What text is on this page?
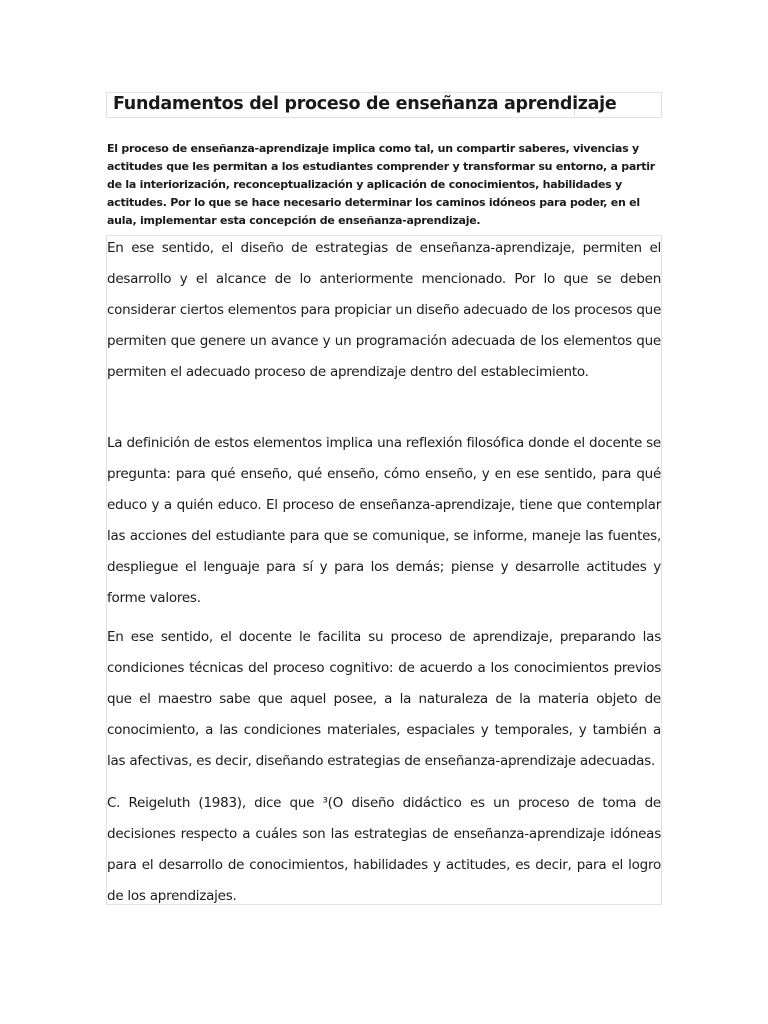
Fundamentos del proceso de enseñanza aprendizaje

El proceso de enseñanza-aprendizaje implica como tal, un compartir saberes, vivencias y actitudes que les permitan a los estudiantes comprender y transformar su entorno, a partir de la interiorización, reconceptualización y aplicación de conocimientos, habilidades y actitudes. Por lo que se hace necesario determinar los caminos idóneos para poder, en el aula, implementar esta concepción de enseñanza-aprendizaje.

En ese sentido, el diseño de estrategias de enseñanza-aprendizaje, permiten el desarrollo y el alcance de lo anteriormente mencionado. Por lo que se deben considerar ciertos elementos para propiciar un diseño adecuado de los procesos que permiten que genere un avance y un programación adecuada de los elementos que permiten el adecuado proceso de aprendizaje dentro del establecimiento.

La definición de estos elementos implica una reflexión filosófica donde el docente se pregunta: para qué enseño, qué enseño, cómo enseño, y en ese sentido, para qué educo y a quién educo. El proceso de enseñanza-aprendizaje, tiene que contemplar las acciones del estudiante para que se comunique, se informe, maneje las fuentes, despliegue el lenguaje para sí y para los demás; piense y desarrolle actitudes y forme valores.

En ese sentido, el docente le facilita su proceso de aprendizaje, preparando las condiciones técnicas del proceso cognitivo: de acuerdo a los conocimientos previos que el maestro sabe que aquel posee, a la naturaleza de la materia objeto de conocimiento, a las condiciones materiales, espaciales y temporales, y también a las afectivas, es decir, diseñando estrategias de enseñanza-aprendizaje adecuadas.

C. Reigeluth (1983), dice que ³(O diseño didáctico es un proceso de toma de decisiones respecto a cuáles son las estrategias de enseñanza-aprendizaje idóneas para el desarrollo de conocimientos, habilidades y actitudes, es decir, para el logro de los aprendizajes.
